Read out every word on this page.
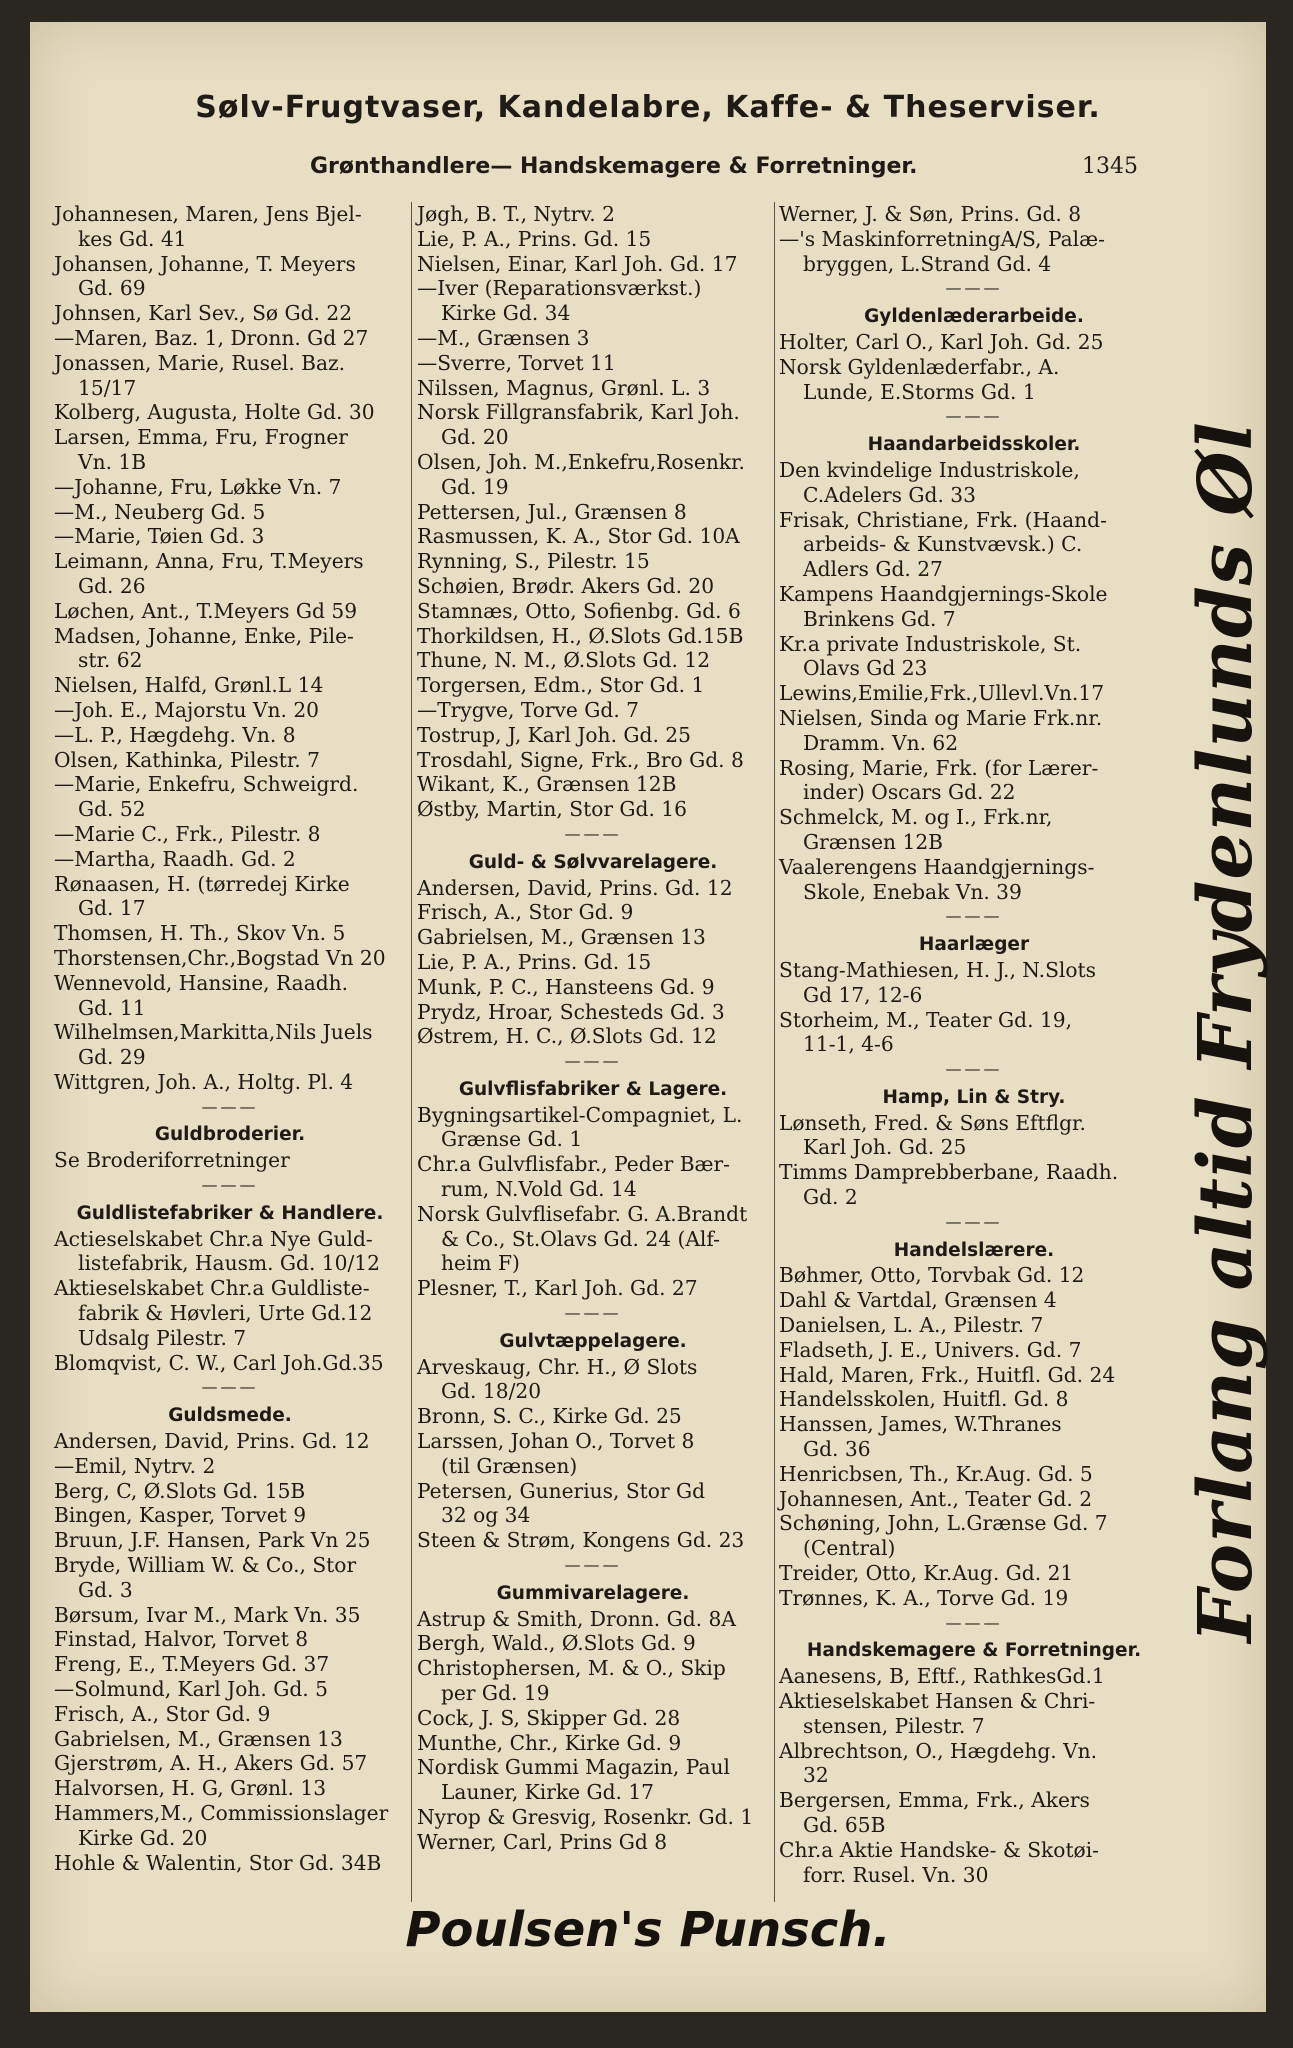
Sølv-Frugtvaser, Kandelabre, Kaffe- & Theserviser.
Grønthandlere— Handskemagere & Forretninger.	1345
Johannesen, Maren, Jens Bjel-
kes Gd. 41
Johansen, Johanne, T. Meyers
Gd. 69
Johnsen, Karl Sev., Sø Gd. 22
—Maren, Baz. 1, Dronn. Gd 27
Jonassen, Marie, Rusel. Baz.
15/17
Kolberg, Augusta, Holte Gd. 30
Larsen, Emma, Fru, Frogner
Vn. 1B
—Johanne, Fru, Løkke Vn. 7
—M., Neuberg Gd. 5
—Marie, Tøien Gd. 3
Leimann, Anna, Fru, T.Meyers
Gd. 26
Løchen, Ant., T.Meyers Gd 59
Madsen, Johanne, Enke, Pile-
str. 62
Nielsen, Halfd, Grønl.L 14
—Joh. E., Majorstu Vn. 20
—L. P., Hægdehg. Vn. 8
Olsen, Kathinka, Pilestr. 7
—Marie, Enkefru, Schweigrd.
Gd. 52
—Marie C., Frk., Pilestr. 8
—Martha, Raadh. Gd. 2
Rønaasen, H. (tørredej Kirke
Gd. 17
Thomsen, H. Th., Skov Vn. 5
Thorstensen,Chr.,Bogstad Vn 20
Wennevold, Hansine, Raadh.
Gd. 11
Wilhelmsen,Markitta,Nils Juels
Gd. 29
Wittgren, Joh. A., Holtg. Pl. 4
———
Guldbroderier.
Se Broderiforretninger
———
Guldlistefabriker & Handlere.
Actieselskabet Chr.a Nye Guld-
listefabrik, Hausm. Gd. 10/12
Aktieselskabet Chr.a Guldliste-
fabrik & Høvleri, Urte Gd.12
Udsalg Pilestr. 7
Blomqvist, C. W., Carl Joh.Gd.35
———
Guldsmede.
Andersen, David, Prins. Gd. 12
—Emil, Nytrv. 2
Berg, C, Ø.Slots Gd. 15B
Bingen, Kasper, Torvet 9
Bruun, J.F. Hansen, Park Vn 25
Bryde, William W. & Co., Stor
Gd. 3
Børsum, Ivar M., Mark Vn. 35
Finstad, Halvor, Torvet 8
Freng, E., T.Meyers Gd. 37
—Solmund, Karl Joh. Gd. 5
Frisch, A., Stor Gd. 9
Gabrielsen, M., Grænsen 13
Gjerstrøm, A. H., Akers Gd. 57
Halvorsen, H. G, Grønl. 13
Hammers,M., Commissionslager
Kirke Gd. 20
Hohle & Walentin, Stor Gd. 34B
Jøgh, B. T., Nytrv. 2
Lie, P. A., Prins. Gd. 15
Nielsen, Einar, Karl Joh. Gd. 17
—Iver (Reparationsværkst.)
Kirke Gd. 34
—M., Grænsen 3
—Sverre, Torvet 11
Nilssen, Magnus, Grønl. L. 3
Norsk Fillgransfabrik, Karl Joh.
Gd. 20
Olsen, Joh. M.,Enkefru,Rosenkr.
Gd. 19
Pettersen, Jul., Grænsen 8
Rasmussen, K. A., Stor Gd. 10A
Rynning, S., Pilestr. 15
Schøien, Brødr. Akers Gd. 20
Stamnæs, Otto, Sofienbg. Gd. 6
Thorkildsen, H., Ø.Slots Gd.15B
Thune, N. M., Ø.Slots Gd. 12
Torgersen, Edm., Stor Gd. 1
—Trygve, Torve Gd. 7
Tostrup, J, Karl Joh. Gd. 25
Trosdahl, Signe, Frk., Bro Gd. 8
Wikant, K., Grænsen 12B
Østby, Martin, Stor Gd. 16
———
Guld- & Sølvvarelagere.
Andersen, David, Prins. Gd. 12
Frisch, A., Stor Gd. 9
Gabrielsen, M., Grænsen 13
Lie, P. A., Prins. Gd. 15
Munk, P. C., Hansteens Gd. 9
Prydz, Hroar, Schesteds Gd. 3
Østrem, H. C., Ø.Slots Gd. 12
———
Gulvflisfabriker & Lagere.
Bygningsartikel-Compagniet, L.
Grænse Gd. 1
Chr.a Gulvflisfabr., Peder Bær-
rum, N.Vold Gd. 14
Norsk Gulvflisefabr. G. A.Brandt
& Co., St.Olavs Gd. 24 (Alf-
heim F)
Plesner, T., Karl Joh. Gd. 27
———
Gulvtæppelagere.
Arveskaug, Chr. H., Ø Slots
Gd. 18/20
Bronn, S. C., Kirke Gd. 25
Larssen, Johan O., Torvet 8
(til Grænsen)
Petersen, Gunerius, Stor Gd
32 og 34
Steen & Strøm, Kongens Gd. 23
———
Gummivarelagere.
Astrup & Smith, Dronn. Gd. 8A
Bergh, Wald., Ø.Slots Gd. 9
Christophersen, M. & O., Skip
per Gd. 19
Cock, J. S, Skipper Gd. 28
Munthe, Chr., Kirke Gd. 9
Nordisk Gummi Magazin, Paul
Launer, Kirke Gd. 17
Nyrop & Gresvig, Rosenkr. Gd. 1
Werner, Carl, Prins Gd 8
Werner, J. & Søn, Prins. Gd. 8
—'s MaskinforretningA/S, Palæ-
bryggen, L.Strand Gd. 4
———
Gyldenlæderarbeide.
Holter, Carl O., Karl Joh. Gd. 25
Norsk Gyldenlæderfabr., A.
Lunde, E.Storms Gd. 1
———
Haandarbeidsskoler.
Den kvindelige Industriskole,
C.Adelers Gd. 33
Frisak, Christiane, Frk. (Haand-
arbeids- & Kunstvævsk.) C.
Adlers Gd. 27
Kampens Haandgjernings-Skole
Brinkens Gd. 7
Kr.a private Industriskole, St.
Olavs Gd 23
Lewins,Emilie,Frk.,Ullevl.Vn.17
Nielsen, Sinda og Marie Frk.nr.
Dramm. Vn. 62
Rosing, Marie, Frk. (for Lærer-
inder) Oscars Gd. 22
Schmelck, M. og I., Frk.nr,
Grænsen 12B
Vaalerengens Haandgjernings-
Skole, Enebak Vn. 39
———
Haarlæger
Stang-Mathiesen, H. J., N.Slots
Gd 17, 12-6
Storheim, M., Teater Gd. 19,
11-1, 4-6
———
Hamp, Lin & Stry.
Lønseth, Fred. & Søns Eftflgr.
Karl Joh. Gd. 25
Timms Damprebberbane, Raadh.
Gd. 2
———
Handelslærere.
Bøhmer, Otto, Torvbak Gd. 12
Dahl & Vartdal, Grænsen 4
Danielsen, L. A., Pilestr. 7
Fladseth, J. E., Univers. Gd. 7
Hald, Maren, Frk., Huitfl. Gd. 24
Handelsskolen, Huitfl. Gd. 8
Hanssen, James, W.Thranes
Gd. 36
Henricbsen, Th., Kr.Aug. Gd. 5
Johannesen, Ant., Teater Gd. 2
Schøning, John, L.Grænse Gd. 7
(Central)
Treider, Otto, Kr.Aug. Gd. 21
Trønnes, K. A., Torve Gd. 19
———
Handskemagere & Forretninger.
Aanesens, B, Eftf., RathkesGd.1
Aktieselskabet Hansen & Chri-
stensen, Pilestr. 7
Albrechtson, O., Hægdehg. Vn.
32
Bergersen, Emma, Frk., Akers
Gd. 65B
Chr.a Aktie Handske- & Skotøi-
forr. Rusel. Vn. 30
Forlang altid Frydenlunds Øl
Poulsen's Punsch.
